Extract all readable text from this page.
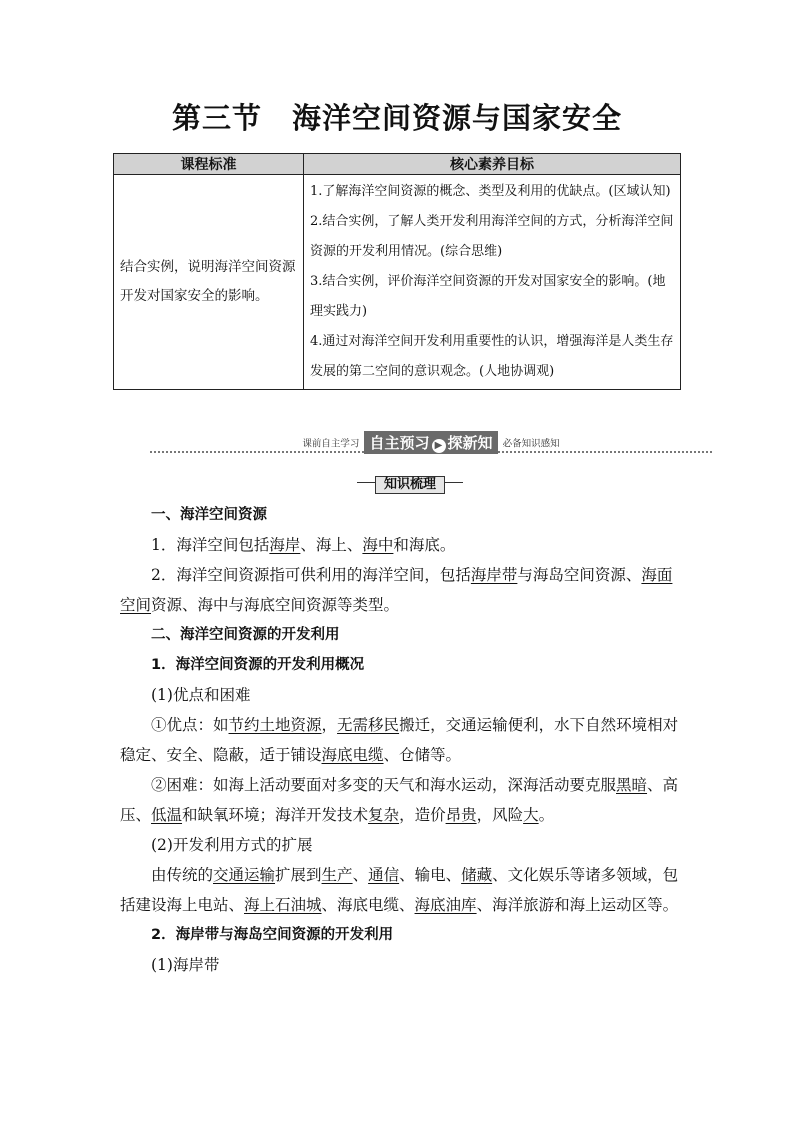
第三节 海洋空间资源与国家安全
课程标准	核心素养目标
结合实例，说明海洋空间资源开发对国家安全的影响。	1.了解海洋空间资源的概念、类型及利用的优缺点。(区域认知)
2.结合实例，了解人类开发利用海洋空间的方式，分析海洋空间资源的开发利用情况。(综合思维)
3.结合实例，评价海洋空间资源的开发对国家安全的影响。(地理实践力)
4.通过对海洋空间开发利用重要性的认识，增强海洋是人类生存发展的第二空间的意识观念。(人地协调观)
课前自主学习 自主预习 ▶ 探新知 必备知识感知
知识梳理

一、海洋空间资源

1．海洋空间包括海岸、海上、海中和海底。

2．海洋空间资源指可供利用的海洋空间，包括海岸带与海岛空间资源、海面空间资源、海中与海底空间资源等类型。

二、海洋空间资源的开发利用

1．海洋空间资源的开发利用概况

(1)优点和困难

①优点：如节约土地资源，无需移民搬迁，交通运输便利，水下自然环境相对稳定、安全、隐蔽，适于铺设海底电缆、仓储等。

②困难：如海上活动要面对多变的天气和海水运动，深海活动要克服黑暗、高压、低温和缺氧环境；海洋开发技术复杂，造价昂贵，风险大。

(2)开发利用方式的扩展

由传统的交通运输扩展到生产、通信、输电、储藏、文化娱乐等诸多领域，包括建设海上电站、海上石油城、海底电缆、海底油库、海洋旅游和海上运动区等。

2．海岸带与海岛空间资源的开发利用

(1)海岸带
